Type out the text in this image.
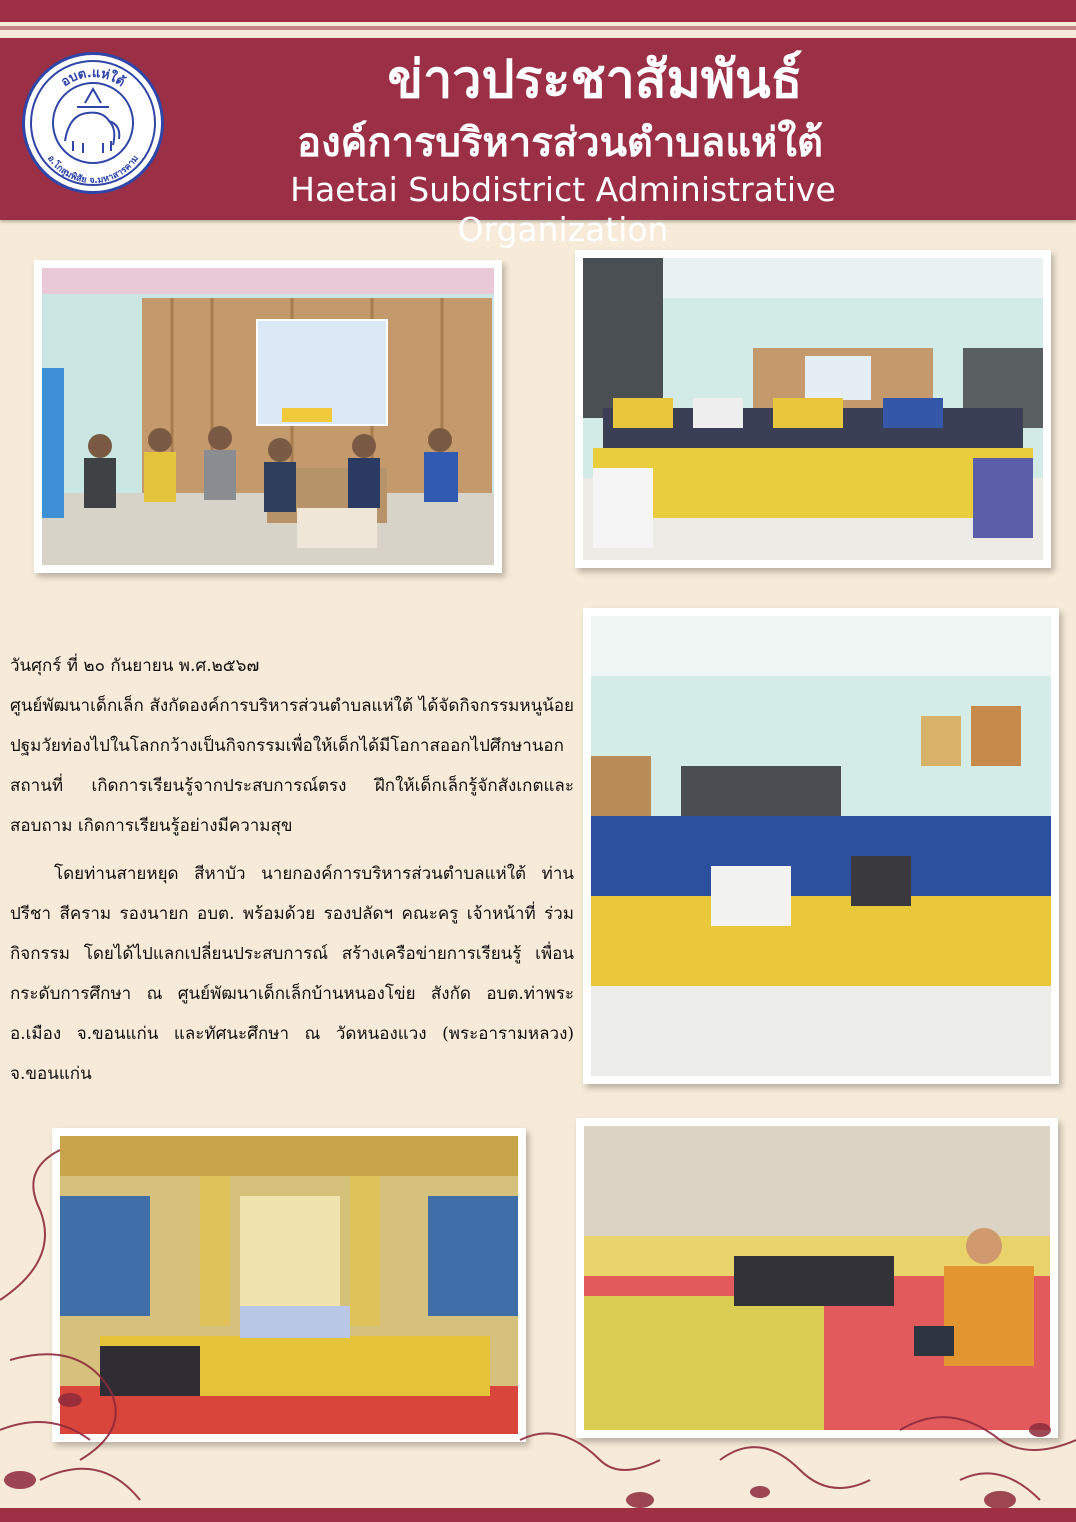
อบต.แห่ใต้
อ.โกสุมพิสัย จ.มหาสารคาม
ข่าวประชาสัมพันธ์
องค์การบริหารส่วนตำบลแห่ใต้
Haetai Subdistrict Administrative Organization

วันศุกร์ ที่ ๒๐ กันยายน พ.ศ.๒๕๖๗

ศูนย์พัฒนาเด็กเล็ก สังกัดองค์การบริหารส่วนตำบลแห่ใต้ ได้จัดกิจกรรมหนูน้อยปฐมวัยท่องไปในโลกกว้างเป็นกิจกรรมเพื่อให้เด็กได้มีโอกาสออกไปศึกษานอกสถานที่ เกิดการเรียนรู้จากประสบการณ์ตรง ฝึกให้เด็กเล็กรู้จักสังเกตและสอบถาม เกิดการเรียนรู้อย่างมีความสุข

โดยท่านสายหยุด สีหาบัว นายกองค์การบริหารส่วนตำบลแห่ใต้ ท่านปรีชา สีคราม รองนายก อบต. พร้อมด้วย รองปลัดฯ คณะครู เจ้าหน้าที่ ร่วมกิจกรรม โดยได้ไปแลกเปลี่ยนประสบการณ์ สร้างเครือข่ายการเรียนรู้ เพื่อนกระดับการศึกษา ณ ศูนย์พัฒนาเด็กเล็กบ้านหนองโข่ย สังกัด อบต.ท่าพระ อ.เมือง จ.ขอนแก่น และทัศนะศึกษา ณ วัดหนองแวง (พระอารามหลวง) จ.ขอนแก่น
